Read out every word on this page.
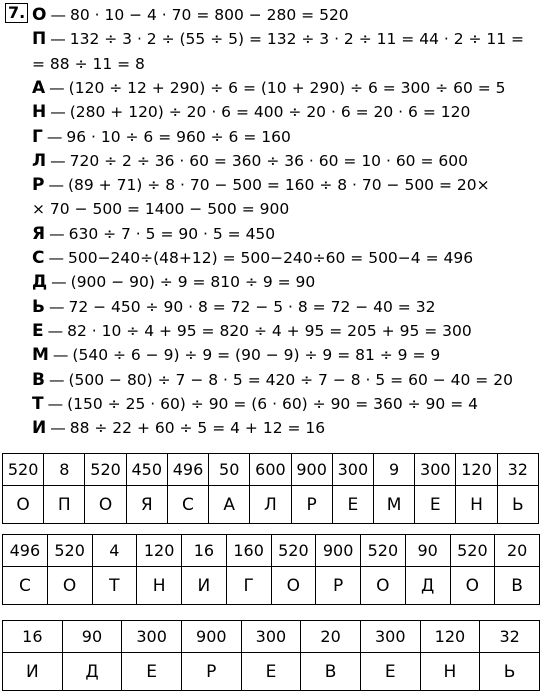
7. О — 80 · 10 − 4 · 70 = 800 − 280 = 520
П — 132 ÷ 3 · 2 ÷ (55 ÷ 5) = 132 ÷ 3 · 2 ÷ 11 = 44 · 2 ÷ 11 =
= 88 ÷ 11 = 8
А — (120 ÷ 12 + 290) ÷ 6 = (10 + 290) ÷ 6 = 300 ÷ 60 = 5
Н — (280 + 120) ÷ 20 · 6 = 400 ÷ 20 · 6 = 20 · 6 = 120
Г — 96 · 10 ÷ 6 = 960 ÷ 6 = 160
Л — 720 ÷ 2 ÷ 36 · 60 = 360 ÷ 36 · 60 = 10 · 60 = 600
Р — (89 + 71) ÷ 8 · 70 − 500 = 160 ÷ 8 · 70 − 500 = 20×
× 70 − 500 = 1400 − 500 = 900
Я — 630 ÷ 7 · 5 = 90 · 5 = 450
С — 500−240÷(48+12) = 500−240÷60 = 500−4 = 496
Д — (900 − 90) ÷ 9 = 810 ÷ 9 = 90
Ь — 72 − 450 ÷ 90 · 8 = 72 − 5 · 8 = 72 − 40 = 32
Е — 82 · 10 ÷ 4 + 95 = 820 ÷ 4 + 95 = 205 + 95 = 300
М — (540 ÷ 6 − 9) ÷ 9 = (90 − 9) ÷ 9 = 81 ÷ 9 = 9
В — (500 − 80) ÷ 7 − 8 · 5 = 420 ÷ 7 − 8 · 5 = 60 − 40 = 20
Т — (150 ÷ 25 · 60) ÷ 90 = (6 · 60) ÷ 90 = 360 ÷ 90 = 4
И — 88 ÷ 22 + 60 ÷ 5 = 4 + 12 = 16
520	8	520	450	496	50	600	900	300	9	300	120	32
О	П	О	Я	С	А	Л	Р	Е	М	Е	Н	Ь
496	520	4	120	16	160	520	900	520	90	520	20
С	О	Т	Н	И	Г	О	Р	О	Д	О	В
16	90	300	900	300	20	300	120	32
И	Д	Е	Р	Е	В	Е	Н	Ь
